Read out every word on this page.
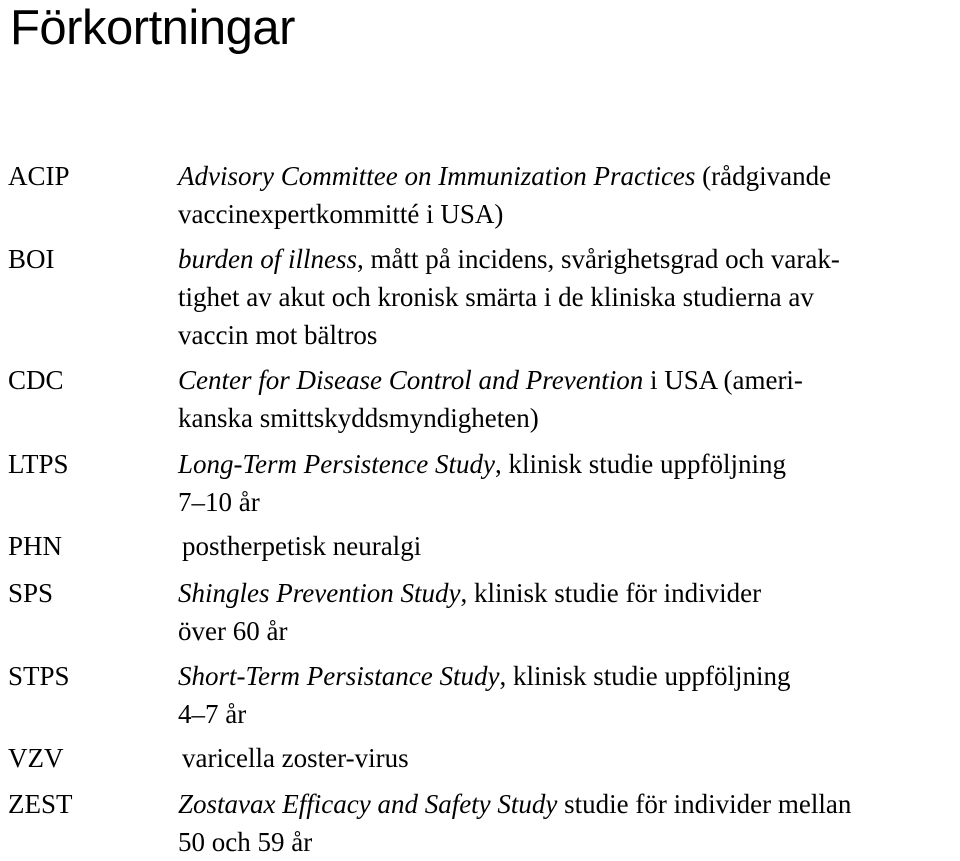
Förkortningar
ACIP	Advisory Committee on Immunization Practices (rådgivande
vaccinexpertkommitté i USA)
BOI	burden of illness, mått på incidens, svårighetsgrad och varak-
tighet av akut och kronisk smärta i de kliniska studierna av
vaccin mot bältros
CDC	Center for Disease Control and Prevention i USA (ameri-
kanska smittskyddsmyndigheten)
LTPS	Long-Term Persistence Study, klinisk studie uppföljning
7–10 år
PHN	postherpetisk neuralgi
SPS	Shingles Prevention Study, klinisk studie för individer
över 60 år
STPS	Short-Term Persistance Study, klinisk studie uppföljning
4–7 år
VZV	varicella zoster-virus
ZEST	Zostavax Efficacy and Safety Study studie för individer mellan
50 och 59 år
